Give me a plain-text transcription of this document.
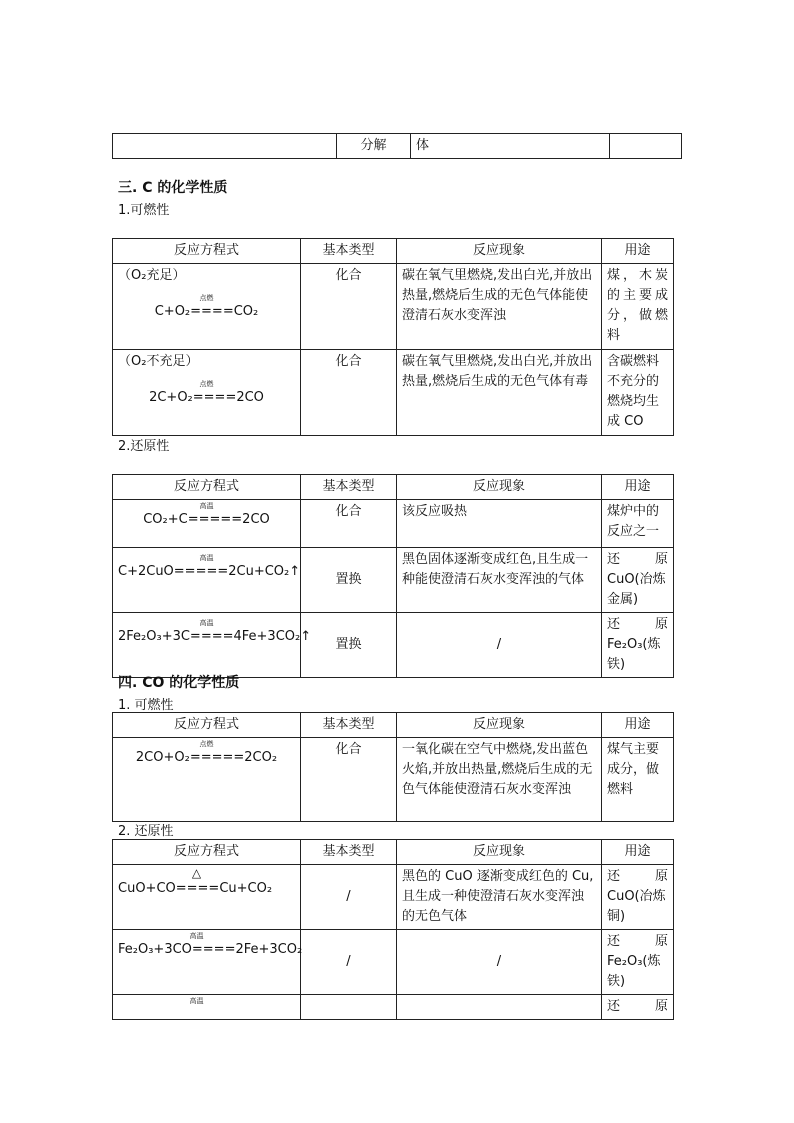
	分解	体	
三. C 的化学性质
1.可燃性
反应方程式	基本类型	反应现象	用途

（O₂充足）
点燃
C+O₂====CO₂	化合	碳在氧气里燃烧,发出白光,并放出热量,燃烧后生成的无色气体能使澄清石灰水变浑浊	煤，木炭的主要成分，做燃料

（O₂不充足）
点燃
2C+O₂====2CO	化合	碳在氧气里燃烧,发出白光,并放出热量,燃烧后生成的无色气体有毒	含碳燃料不充分的燃烧均生成 CO
2.还原性
反应方程式	基本类型	反应现象	用途

高温
CO₂+C=====2CO	化合	该反应吸热	煤炉中的反应之一

高温
C+2CuO=====2Cu+CO₂↑	置换	黑色固体逐渐变成红色,且生成一种能使澄清石灰水变浑浊的气体	还　　原
CuO(冶炼金属)

高温
2Fe₂O₃+3C====4Fe+3CO₂↑	置换	/	还　　原
Fe₂O₃(炼铁)
四. CO 的化学性质
1. 可燃性
反应方程式	基本类型	反应现象	用途

点燃
2CO+O₂=====2CO₂	化合	一氧化碳在空气中燃烧,发出蓝色火焰,并放出热量,燃烧后生成的无色气体能使澄清石灰水变浑浊	煤气主要成分，做燃料
2. 还原性
反应方程式	基本类型	反应现象	用途

△
CuO+CO====Cu+CO₂	/	黑色的 CuO 逐渐变成红色的 Cu,且生成一种使澄清石灰水变浑浊的无色气体	还　　原
CuO(冶炼铜)

高温
Fe₂O₃+3CO====2Fe+3CO₂	/	/	还　　原
Fe₂O₃(炼铁)

高温			还　　原
